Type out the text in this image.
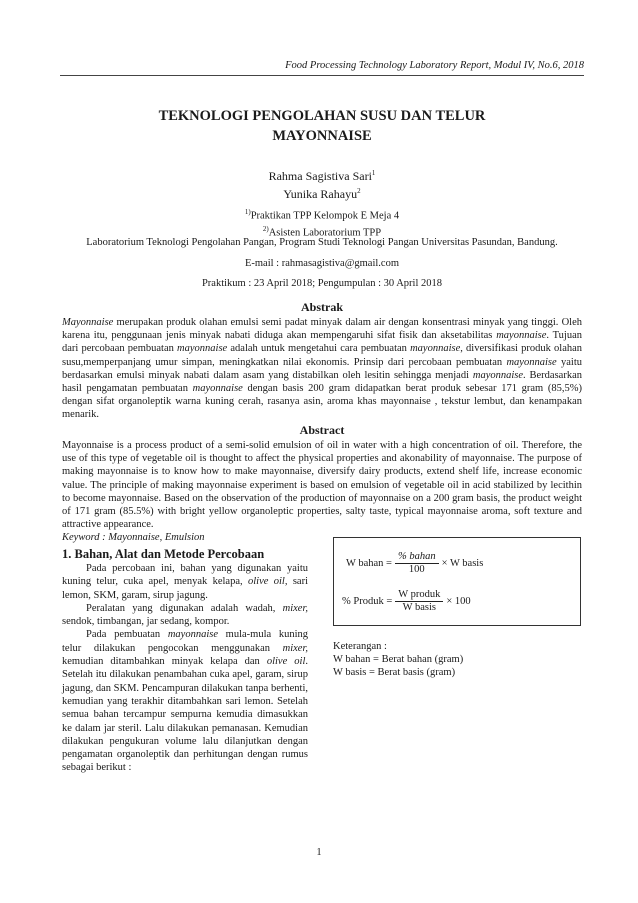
Food Processing Technology Laboratory Report, Modul IV, No.6, 2018
TEKNOLOGI PENGOLAHAN SUSU DAN TELUR
MAYONNAISE
Rahma Sagistiva Sari$^1$
Yunika Rahayu$^2$
$^{1)}$Praktikan TPP Kelompok E Meja 4
$^{2)}$Asisten Laboratorium TPP
Laboratorium Teknologi Pengolahan Pangan, Program Studi Teknologi Pangan Universitas Pasundan, Bandung.
E-mail : rahmasagistiva@gmail.com
Praktikum : 23 April 2018; Pengumpulan : 30 April 2018
Abstrak
Mayonnaise merupakan produk olahan emulsi semi padat minyak dalam air dengan konsentrasi minyak yang tinggi. Oleh karena itu, penggunaan jenis minyak nabati diduga akan mempengaruhi sifat fisik dan aksetabilitas mayonnaise. Tujuan dari percobaan pembuatan mayonnaise adalah untuk mengetahui cara pembuatan mayonnaise, diversifikasi produk olahan susu,memperpanjang umur simpan, meningkatkan nilai ekonomis. Prinsip dari percobaan pembuatan mayonnaise yaitu berdasarkan emulsi minyak nabati dalam asam yang distabilkan oleh lesitin sehingga menjadi mayonnaise. Berdasarkan hasil pengamatan pembuatan mayonnaise dengan basis 200 gram didapatkan berat produk sebesar 171 gram (85,5%) dengan sifat organoleptik warna kuning cerah, rasanya asin, aroma khas mayonnaise , tekstur lembut, dan kenampakan menarik.
Abstract
Mayonnaise is a process product of a semi-solid emulsion of oil in water with a high concentration of oil. Therefore, the use of this type of vegetable oil is thought to affect the physical properties and akonability of mayonnaise. The purpose of making mayonnaise is to know how to make mayonnaise, diversify dairy products, extend shelf life, increase economic value. The principle of making mayonnaise experiment is based on emulsion of vegetable oil in acid stabilized by lecithin to become mayonnaise. Based on the observation of the production of mayonnaise on a 200 gram basis, the product weight of 171 gram (85.5%) with bright yellow organoleptic properties, salty taste, typical mayonnaise aroma, soft texture and attractive appearance.
Keyword : Mayonnaise, Emulsion
1. Bahan, Alat dan Metode Percobaan

Pada percobaan ini, bahan yang digunakan yaitu kuning telur, cuka apel, menyak kelapa, olive oil, sari lemon, SKM, garam, sirup jagung.

Peralatan yang digunakan adalah wadah, mixer, sendok, timbangan, jar sedang, kompor.

Pada pembuatan mayonnaise mula-mula kuning telur dilakukan pengocokan menggunakan mixer, kemudian ditambahkan minyak kelapa dan olive oil. Setelah itu dilakukan penambahan cuka apel, garam, sirup jagung, dan SKM. Pencampuran dilakukan tanpa berhenti, kemudian yang terakhir ditambahkan sari lemon. Setelah semua bahan tercampur sempurna kemudia dimasukkan ke dalam jar steril. Lalu dilakukan pemanasan. Kemudian dilakukan pengukuran volume lalu dilanjutkan dengan pengamatan organoleptik dan perhitungan dengan rumus sebagai berikut :

W bahan = $\frac{\text{\% bahan}}{100} \times W$ basis
% Produk = $\frac{\text{W produk}}{\text{W basis}} \times 100$
Keterangan :
W bahan = Berat bahan (gram)
W basis = Berat basis (gram)
1
